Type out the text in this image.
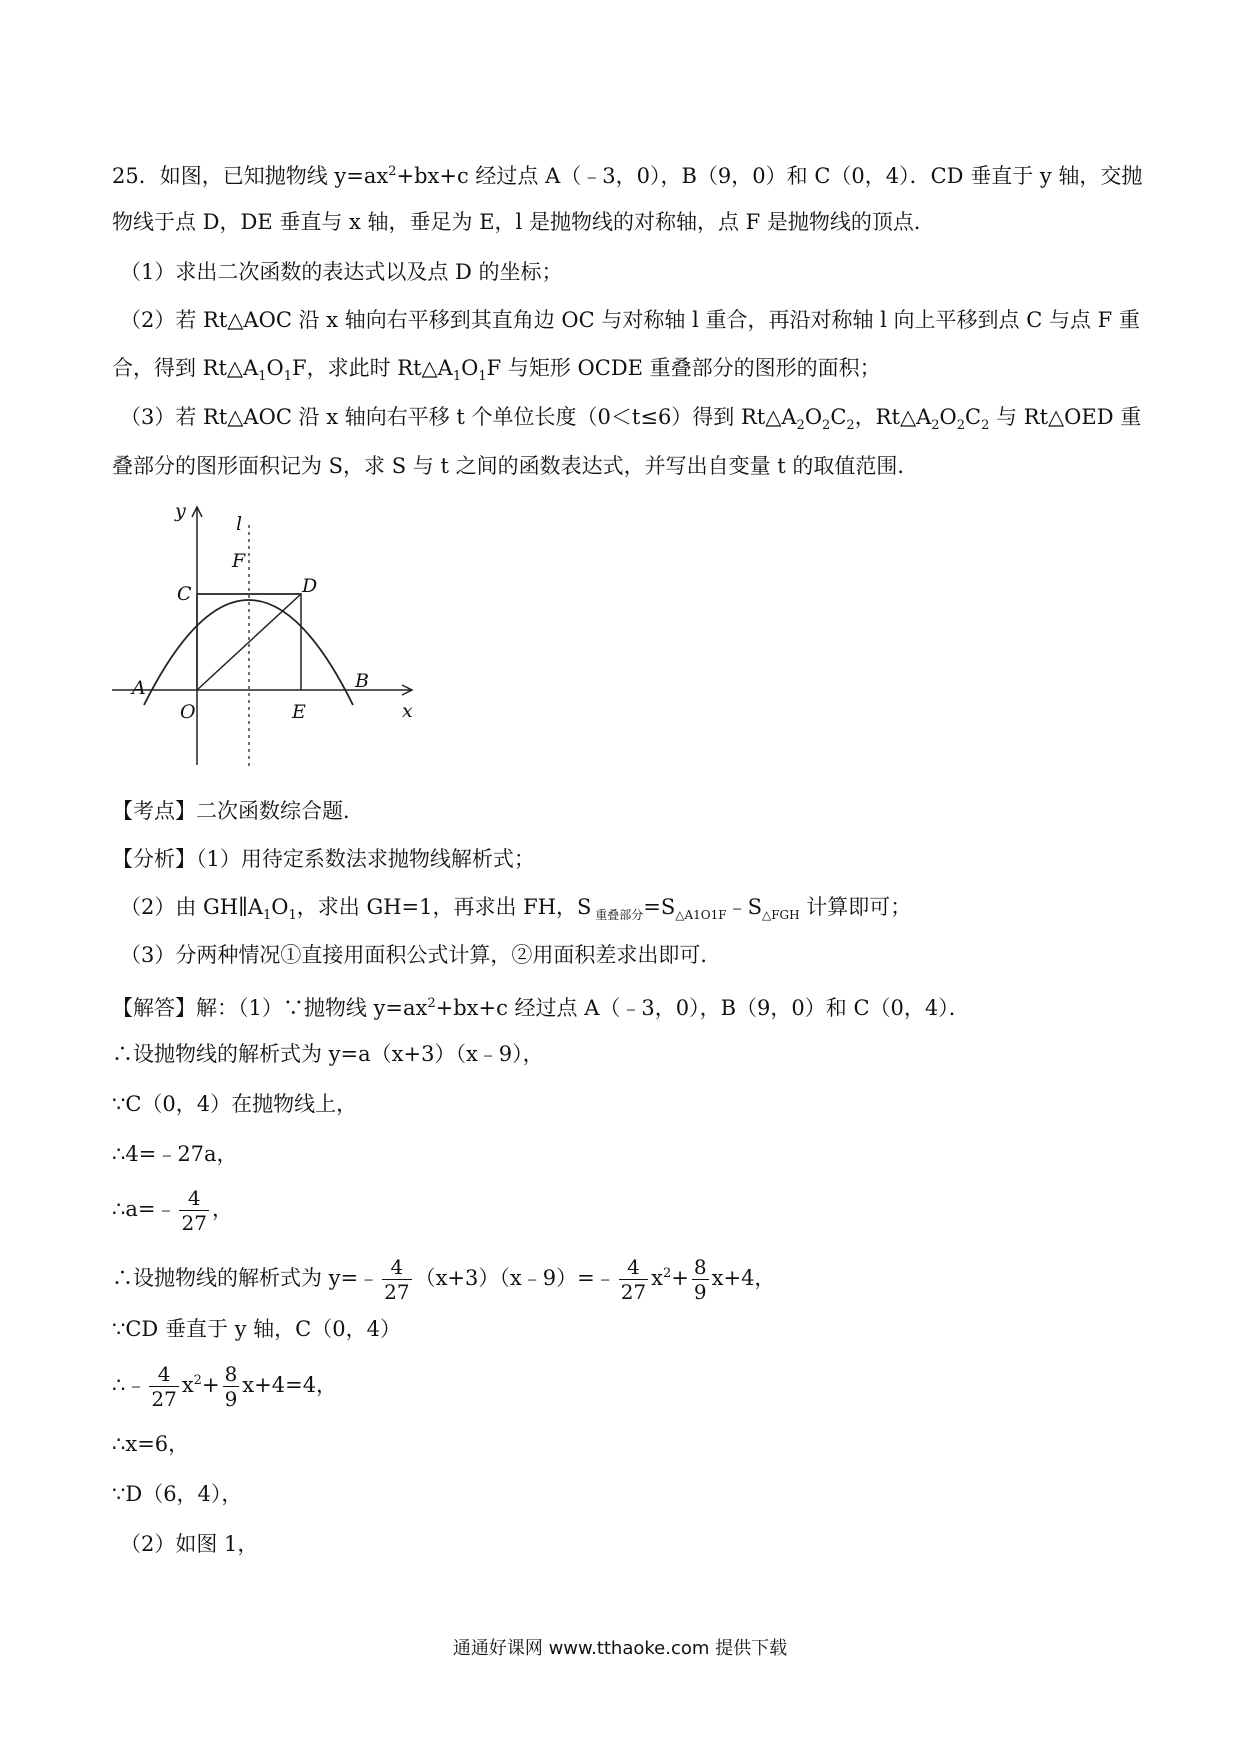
25．如图，已知抛物线 $y=ax^2+bx+c$ 经过点 A（﹣3，0），B（9，0）和 C（0，4）．CD 垂直于 y 轴，交抛
物线于点 D，DE 垂直与 x 轴，垂足为 E，l 是抛物线的对称轴，点 F 是抛物线的顶点．
（1）求出二次函数的表达式以及点 D 的坐标；
（2）若 Rt△AOC 沿 x 轴向右平移到其直角边 OC 与对称轴 l 重合，再沿对称轴 l 向上平移到点 C 与点 F 重
合，得到 $Rt\triangle A_1O_1F$，求此时 $Rt\triangle A_1O_1F$ 与矩形 OCDE 重叠部分的图形的面积；
（3）若 Rt△AOC 沿 x 轴向右平移 t 个单位长度（0＜t≤6）得到 $Rt\triangle A_2O_2C_2$，$Rt\triangle A_2O_2C_2$ 与 Rt△OED 重
叠部分的图形面积记为 S，求 S 与 t 之间的函数表达式，并写出自变量 t 的取值范围．
y
x
l
F
C	D
A
O	E
B
【考点】二次函数综合题．
【分析】（1）用待定系数法求抛物线解析式；
（2）由 $GH\parallel A_1O_1$，求出 GH=1，再求出 FH，S $_{重叠部分}=S_{\triangle A1O1F}﹣S_{\triangle FGH}$ 计算即可；
（3）分两种情况①直接用面积公式计算，②用面积差求出即可．
【解答】解：（1）∵抛物线 $y=ax^2+bx+c$ 经过点 A（﹣3，0），B（9，0）和 C（0，4）．
∴设抛物线的解析式为 y=a（x+3）（x﹣9），
∵C（0，4）在抛物线上，
∴4=﹣27a，
∴a=﹣ $\frac{4}{27}$ ，
∴设抛物线的解析式为 y=﹣ $\frac{4}{27}$ （x+3）（x﹣9）=﹣ $\frac{4}{27} x^2+ \frac{8}{9} x+4$，
∵CD 垂直于 y 轴，C（0，4）
∴﹣ $\frac{4}{27} x^2+ \frac{8}{9} x+4=4$，
∴x=6，
∵D（6，4），
（2）如图 1，
通通好课网 www.tthaoke.com 提供下载
